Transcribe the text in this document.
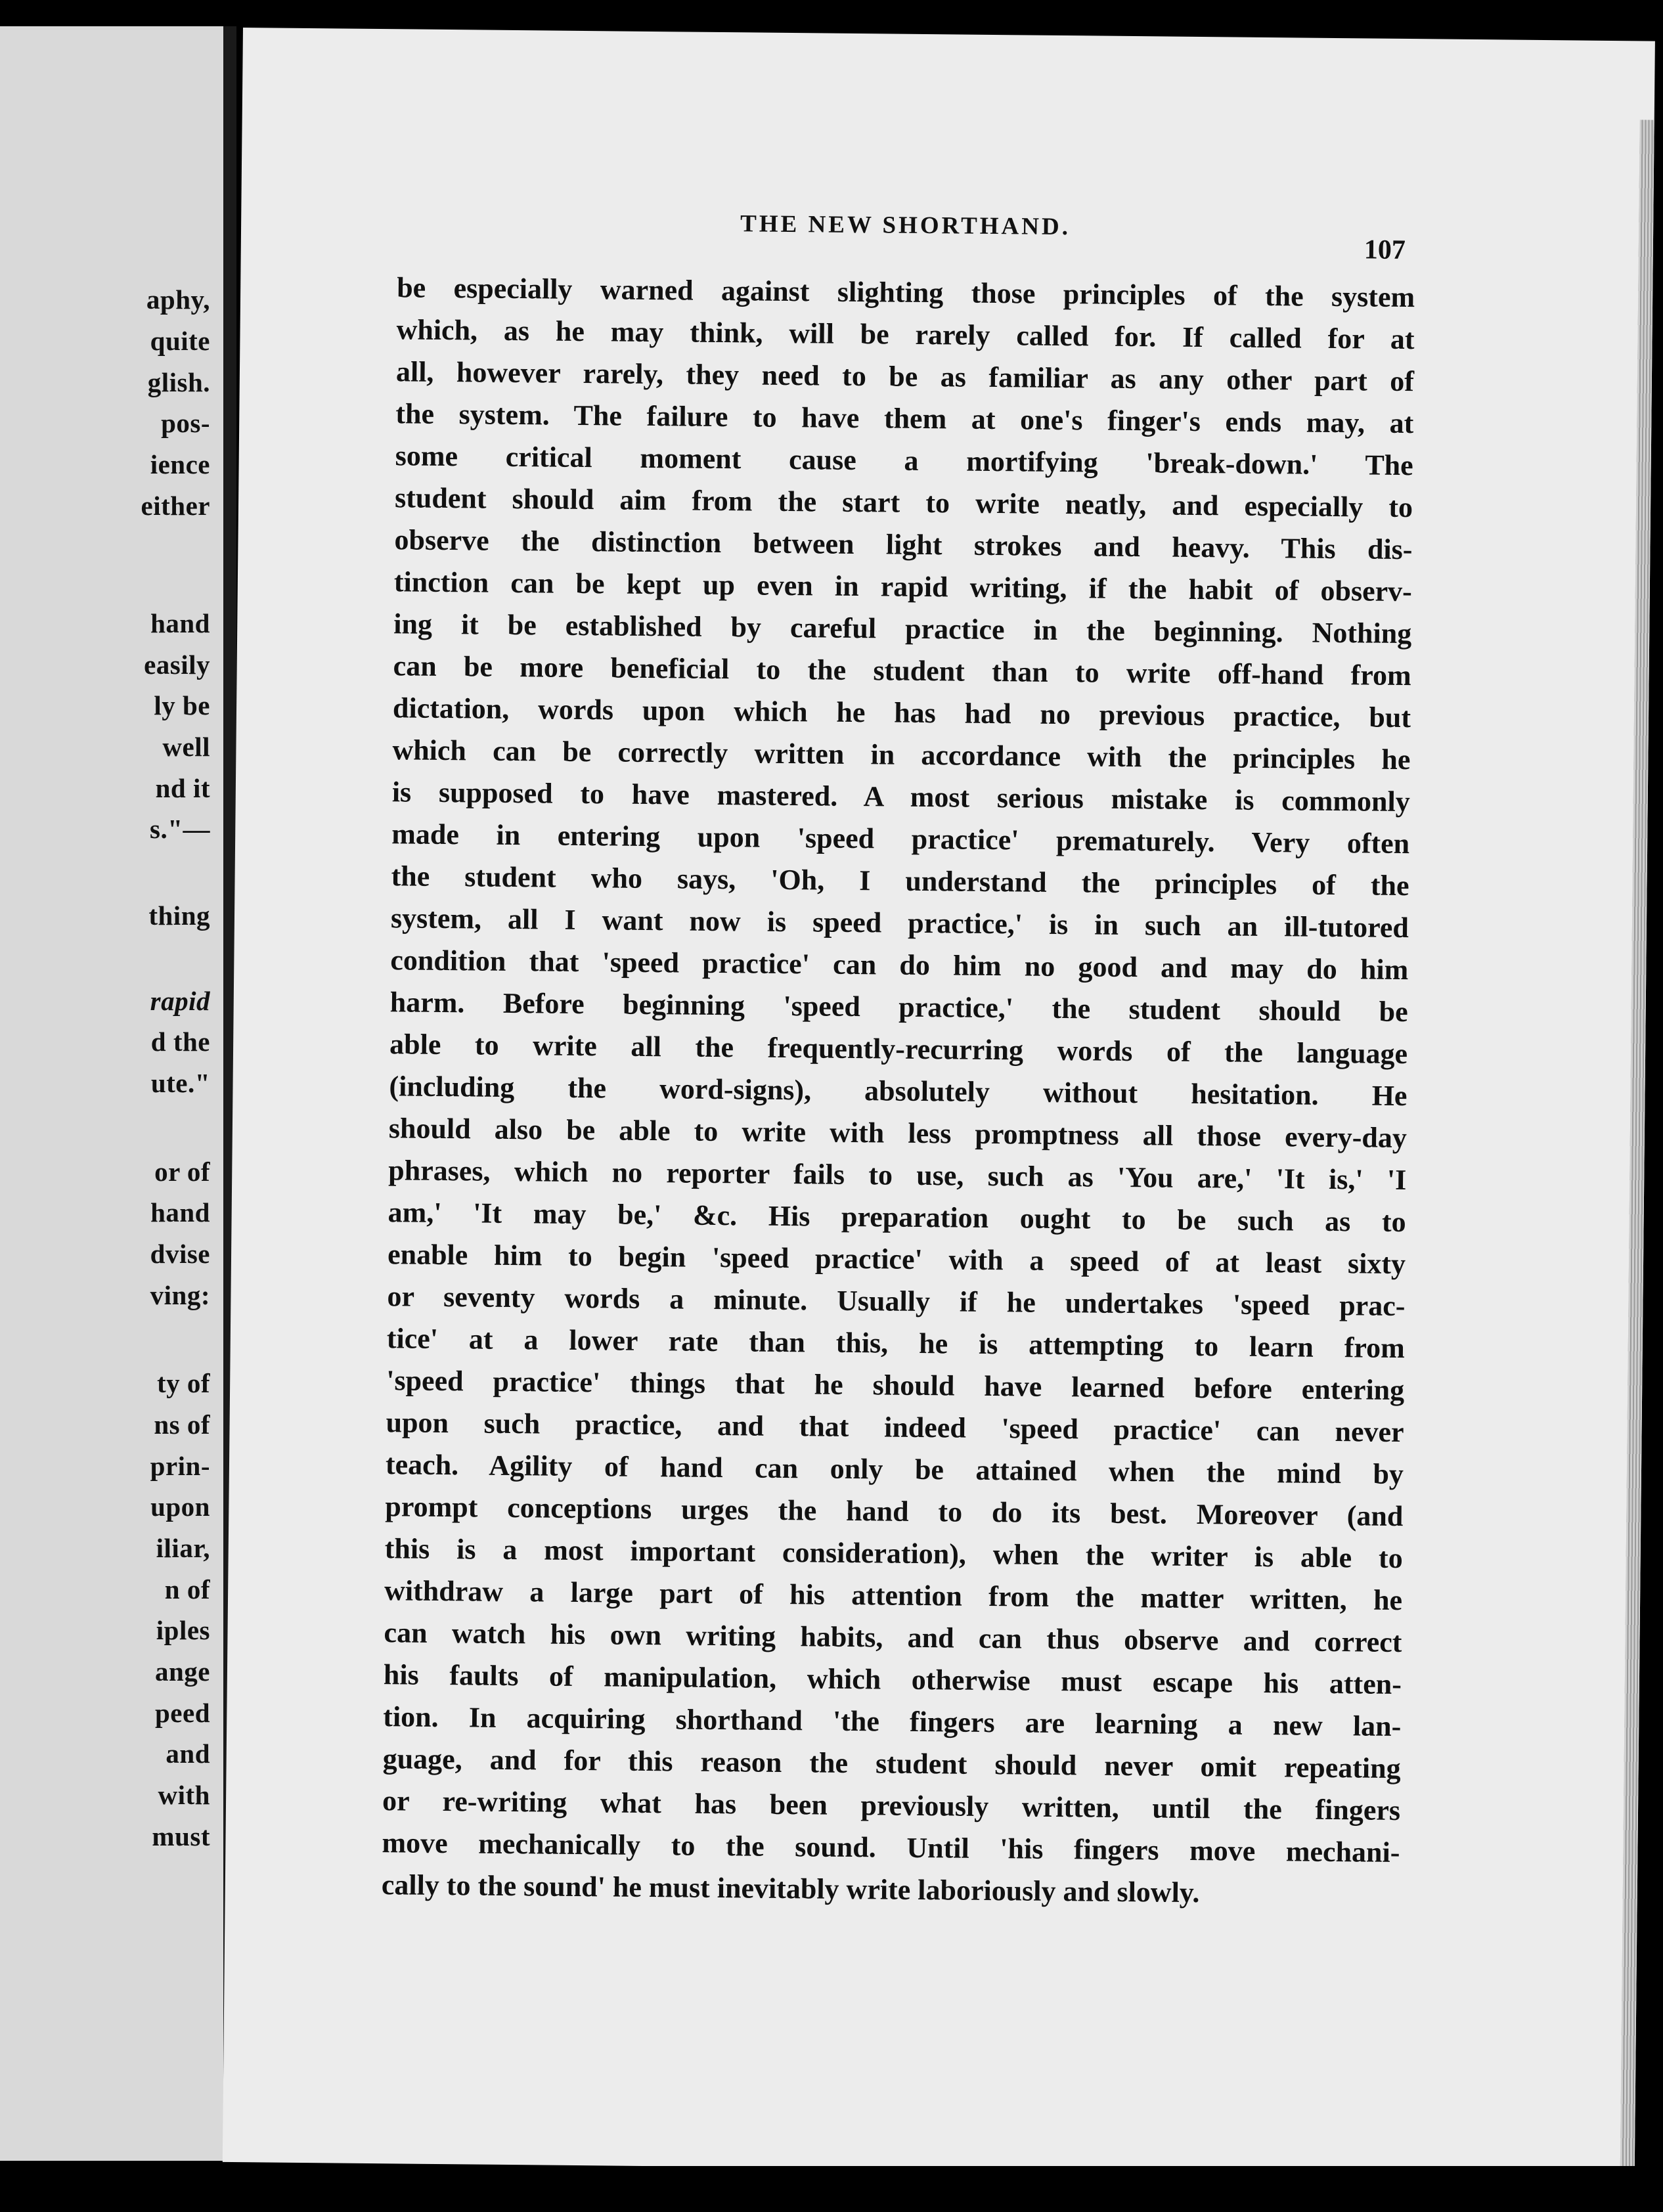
aphy,
quite
glish.
pos-
ience
either
hand
easily
ly be
well
nd it
s."—
thing
rapid
d the
ute."
or of
hand
dvise
ving:
ty of
ns of
prin-
upon
iliar,
n of
iples
ange
peed
and
with
must
THE NEW SHORTHAND.
107
be especially warned against slighting those principles of the system
which, as he may think, will be rarely called for. If called for at
all, however rarely, they need to be as familiar as any other part of
the system. The failure to have them at one's finger's ends may, at
some critical moment cause a mortifying 'break-down.' The
student should aim from the start to write neatly, and especially to
observe the distinction between light strokes and heavy. This dis-
tinction can be kept up even in rapid writing, if the habit of observ-
ing it be established by careful practice in the beginning. Nothing
can be more beneficial to the student than to write off-hand from
dictation, words upon which he has had no previous practice, but
which can be correctly written in accordance with the principles he
is supposed to have mastered. A most serious mistake is commonly
made in entering upon 'speed practice' prematurely. Very often
the student who says, 'Oh, I understand the principles of the
system, all I want now is speed practice,' is in such an ill-tutored
condition that 'speed practice' can do him no good and may do him
harm. Before beginning 'speed practice,' the student should be
able to write all the frequently-recurring words of the language
(including the word-signs), absolutely without hesitation. He
should also be able to write with less promptness all those every-day
phrases, which no reporter fails to use, such as 'You are,' 'It is,' 'I
am,' 'It may be,' &c. His preparation ought to be such as to
enable him to begin 'speed practice' with a speed of at least sixty
or seventy words a minute. Usually if he undertakes 'speed prac-
tice' at a lower rate than this, he is attempting to learn from
'speed practice' things that he should have learned before entering
upon such practice, and that indeed 'speed practice' can never
teach. Agility of hand can only be attained when the mind by
prompt conceptions urges the hand to do its best. Moreover (and
this is a most important consideration), when the writer is able to
withdraw a large part of his attention from the matter written, he
can watch his own writing habits, and can thus observe and correct
his faults of manipulation, which otherwise must escape his atten-
tion. In acquiring shorthand 'the fingers are learning a new lan-
guage, and for this reason the student should never omit repeating
or re-writing what has been previously written, until the fingers
move mechanically to the sound. Until 'his fingers move mechani-
cally to the sound' he must inevitably write laboriously and slowly.
